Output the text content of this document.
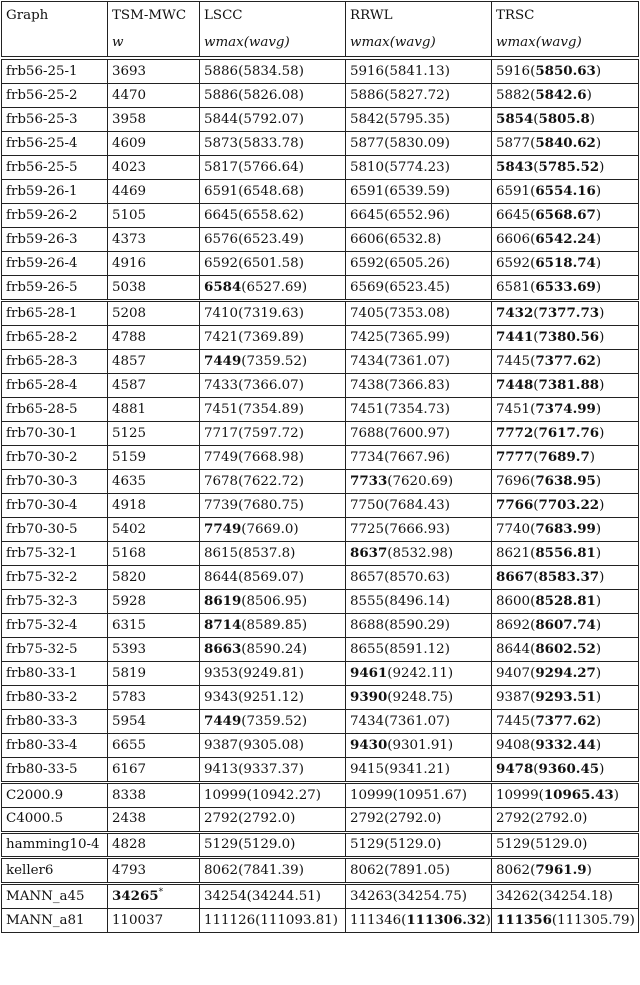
Graph	TSM-MWC	LSCC	RRWL	TRSC
	w	wmax(wavg)	wmax(wavg)	wmax(wavg)
frb56-25-1	3693	5886(5834.58)	5916(5841.13)	5916(5850.63)
frb56-25-2	4470	5886(5826.08)	5886(5827.72)	5882(5842.6)
frb56-25-3	3958	5844(5792.07)	5842(5795.35)	5854(5805.8)
frb56-25-4	4609	5873(5833.78)	5877(5830.09)	5877(5840.62)
frb56-25-5	4023	5817(5766.64)	5810(5774.23)	5843(5785.52)
frb59-26-1	4469	6591(6548.68)	6591(6539.59)	6591(6554.16)
frb59-26-2	5105	6645(6558.62)	6645(6552.96)	6645(6568.67)
frb59-26-3	4373	6576(6523.49)	6606(6532.8)	6606(6542.24)
frb59-26-4	4916	6592(6501.58)	6592(6505.26)	6592(6518.74)
frb59-26-5	5038	6584(6527.69)	6569(6523.45)	6581(6533.69)
frb65-28-1	5208	7410(7319.63)	7405(7353.08)	7432(7377.73)
frb65-28-2	4788	7421(7369.89)	7425(7365.99)	7441(7380.56)
frb65-28-3	4857	7449(7359.52)	7434(7361.07)	7445(7377.62)
frb65-28-4	4587	7433(7366.07)	7438(7366.83)	7448(7381.88)
frb65-28-5	4881	7451(7354.89)	7451(7354.73)	7451(7374.99)
frb70-30-1	5125	7717(7597.72)	7688(7600.97)	7772(7617.76)
frb70-30-2	5159	7749(7668.98)	7734(7667.96)	7777(7689.7)
frb70-30-3	4635	7678(7622.72)	7733(7620.69)	7696(7638.95)
frb70-30-4	4918	7739(7680.75)	7750(7684.43)	7766(7703.22)
frb70-30-5	5402	7749(7669.0)	7725(7666.93)	7740(7683.99)
frb75-32-1	5168	8615(8537.8)	8637(8532.98)	8621(8556.81)
frb75-32-2	5820	8644(8569.07)	8657(8570.63)	8667(8583.37)
frb75-32-3	5928	8619(8506.95)	8555(8496.14)	8600(8528.81)
frb75-32-4	6315	8714(8589.85)	8688(8590.29)	8692(8607.74)
frb75-32-5	5393	8663(8590.24)	8655(8591.12)	8644(8602.52)
frb80-33-1	5819	9353(9249.81)	9461(9242.11)	9407(9294.27)
frb80-33-2	5783	9343(9251.12)	9390(9248.75)	9387(9293.51)
frb80-33-3	5954	7449(7359.52)	7434(7361.07)	7445(7377.62)
frb80-33-4	6655	9387(9305.08)	9430(9301.91)	9408(9332.44)
frb80-33-5	6167	9413(9337.37)	9415(9341.21)	9478(9360.45)
C2000.9	8338	10999(10942.27)	10999(10951.67)	10999(10965.43)
C4000.5	2438	2792(2792.0)	2792(2792.0)	2792(2792.0)
hamming10-4	4828	5129(5129.0)	5129(5129.0)	5129(5129.0)
keller6	4793	8062(7841.39)	8062(7891.05)	8062(7961.9)
MANN_a45	34265*	34254(34244.51)	34263(34254.75)	34262(34254.18)
MANN_a81	110037	111126(111093.81)	111346(111306.32)	111356(111305.79)
